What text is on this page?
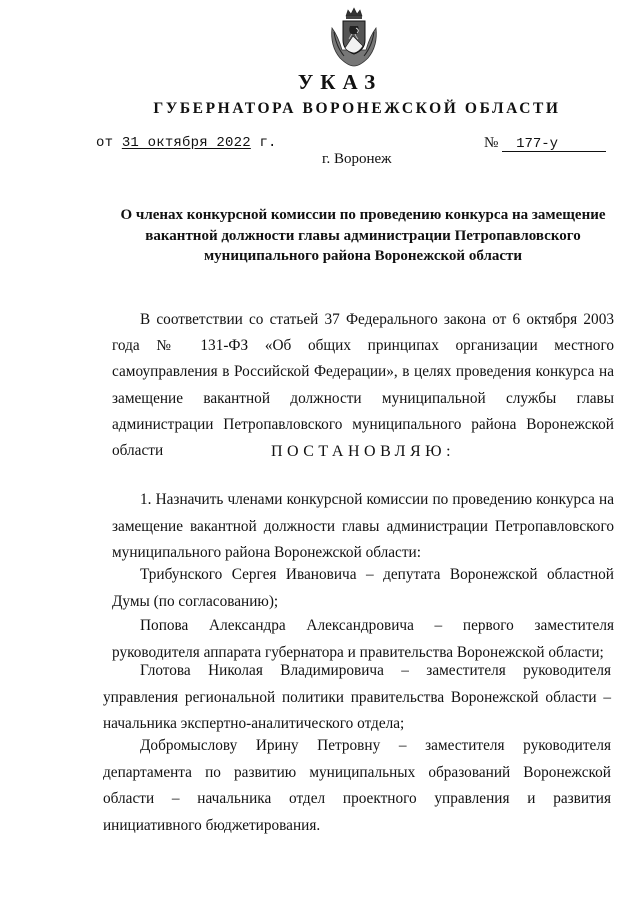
УКАЗ
ГУБЕРНАТОРА ВОРОНЕЖСКОЙ ОБЛАСТИ
от 31 октября 2022 г.	№ 177-у
г. Воронеж
О членах конкурсной комиссии по проведению конкурса на замещение вакантной должности главы администрации Петропавловского муниципального района Воронежской области
В соответствии со статьей 37 Федерального закона от 6 октября 2003 года № 131-ФЗ «Об общих принципах организации местного самоуправления в Российской Федерации», в целях проведения конкурса на замещение вакантной должности муниципальной службы главы администрации Петропавловского муниципального района Воронежской области	ПОСТАНОВЛЯЮ:
1. Назначить членами конкурсной комиссии по проведению конкурса на замещение вакантной должности главы администрации Петропавловского муниципального района Воронежской области:
Трибунского Сергея Ивановича – депутата Воронежской областной Думы (по согласованию);
Попова Александра Александровича – первого заместителя руководителя аппарата губернатора и правительства Воронежской области;
Глотова Николая Владимировича – заместителя руководителя управления региональной политики правительства Воронежской области – начальника экспертно-аналитического отдела;
Добромыслову Ирину Петровну – заместителя руководителя департамента по развитию муниципальных образований Воронежской области – начальника отдел проектного управления и развития инициативного бюджетирования.
